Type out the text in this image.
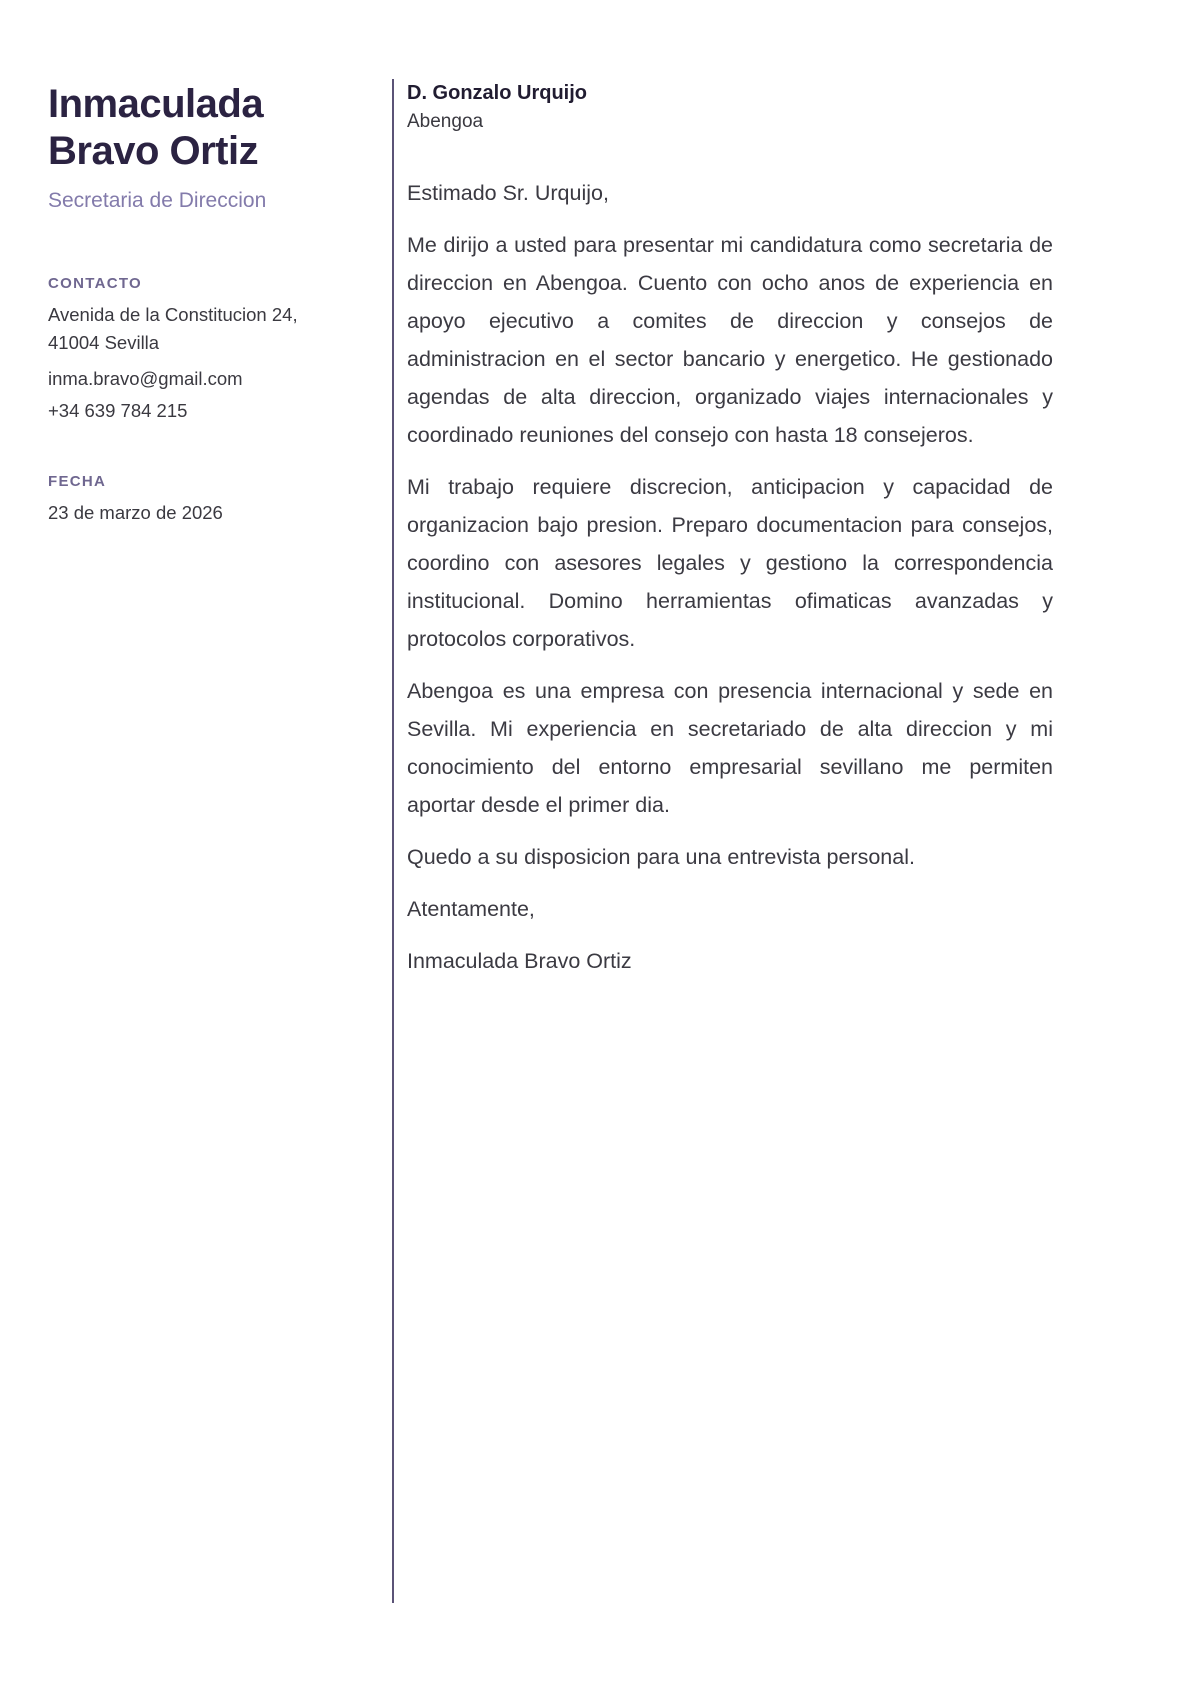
Inmaculada
Bravo Ortiz
Secretaria de Direccion
CONTACTO
Avenida de la Constitucion 24,
41004 Sevilla
inma.bravo@gmail.com
+34 639 784 215
FECHA
23 de marzo de 2026
D. Gonzalo Urquijo
Abengoa

Estimado Sr. Urquijo,

Me dirijo a usted para presentar mi candidatura como secretaria de direccion en Abengoa. Cuento con ocho anos de experiencia en apoyo ejecutivo a comites de direccion y consejos de administracion en el sector bancario y energetico. He gestionado agendas de alta direccion, organizado viajes internacionales y coordinado reuniones del consejo con hasta 18 consejeros.

Mi trabajo requiere discrecion, anticipacion y capacidad de organizacion bajo presion. Preparo documentacion para consejos, coordino con asesores legales y gestiono la correspondencia institucional. Domino herramientas ofimaticas avanzadas y protocolos corporativos.

Abengoa es una empresa con presencia internacional y sede en Sevilla. Mi experiencia en secretariado de alta direccion y mi conocimiento del entorno empresarial sevillano me permiten aportar desde el primer dia.

Quedo a su disposicion para una entrevista personal.

Atentamente,

Inmaculada Bravo Ortiz
